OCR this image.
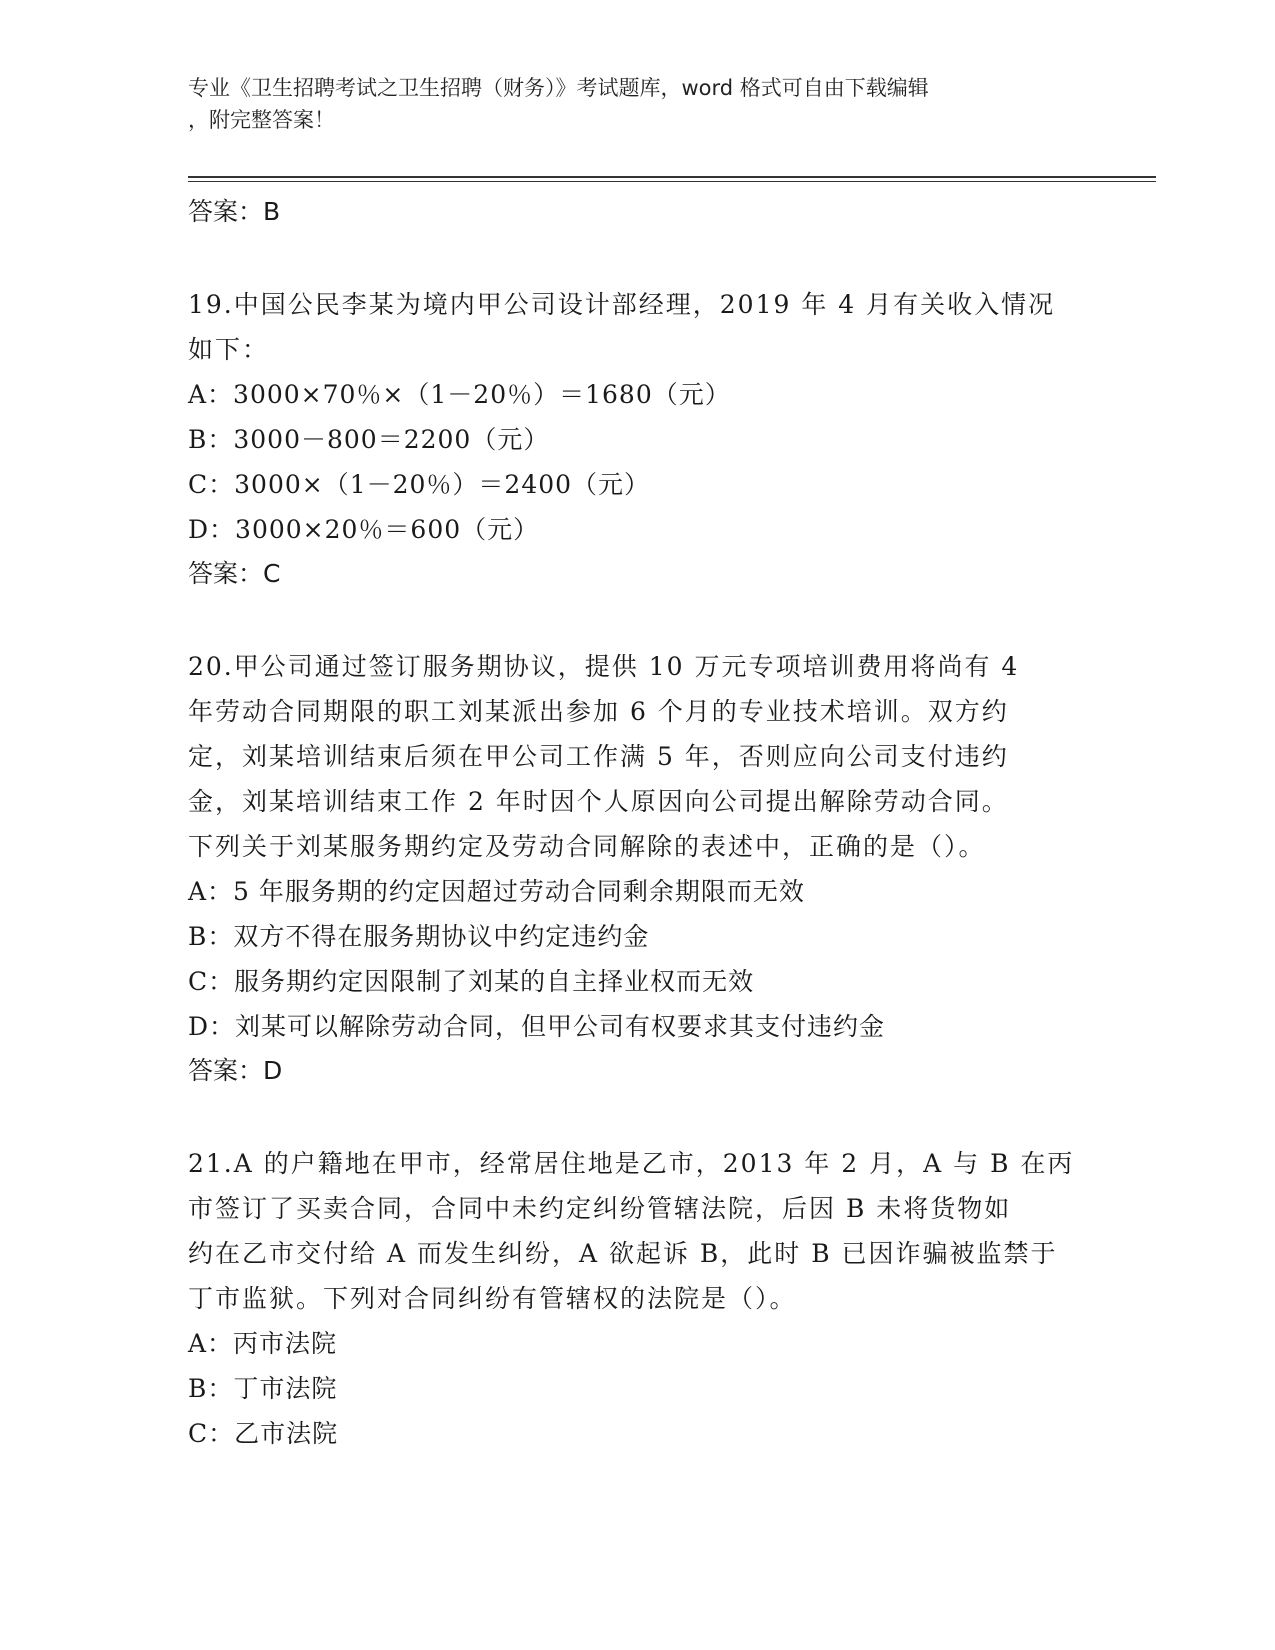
专业《卫生招聘考试之卫生招聘（财务）》考试题库，word 格式可自由下载编辑
，附完整答案！
答案：B
19.中国公民李某为境内甲公司设计部经理，2019 年 4 月有关收入情况
如下：
A：3000×70％×（1－20％）＝1680（元）
B：3000－800＝2200（元）
C：3000×（1－20％）＝2400（元）
D：3000×20％＝600（元）
答案：C
20.甲公司通过签订服务期协议，提供 10 万元专项培训费用将尚有 4
年劳动合同期限的职工刘某派出参加 6 个月的专业技术培训。双方约
定，刘某培训结束后须在甲公司工作满 5 年，否则应向公司支付违约
金，刘某培训结束工作 2 年时因个人原因向公司提出解除劳动合同。
下列关于刘某服务期约定及劳动合同解除的表述中，正确的是（）。
A：5 年服务期的约定因超过劳动合同剩余期限而无效
B：双方不得在服务期协议中约定违约金
C：服务期约定因限制了刘某的自主择业权而无效
D：刘某可以解除劳动合同，但甲公司有权要求其支付违约金
答案：D
21.A 的户籍地在甲市，经常居住地是乙市，2013 年 2 月，A 与 B 在丙
市签订了买卖合同，合同中未约定纠纷管辖法院，后因 B 未将货物如
约在乙市交付给 A 而发生纠纷，A 欲起诉 B，此时 B 已因诈骗被监禁于
丁市监狱。下列对合同纠纷有管辖权的法院是（）。
A：丙市法院
B：丁市法院
C：乙市法院
